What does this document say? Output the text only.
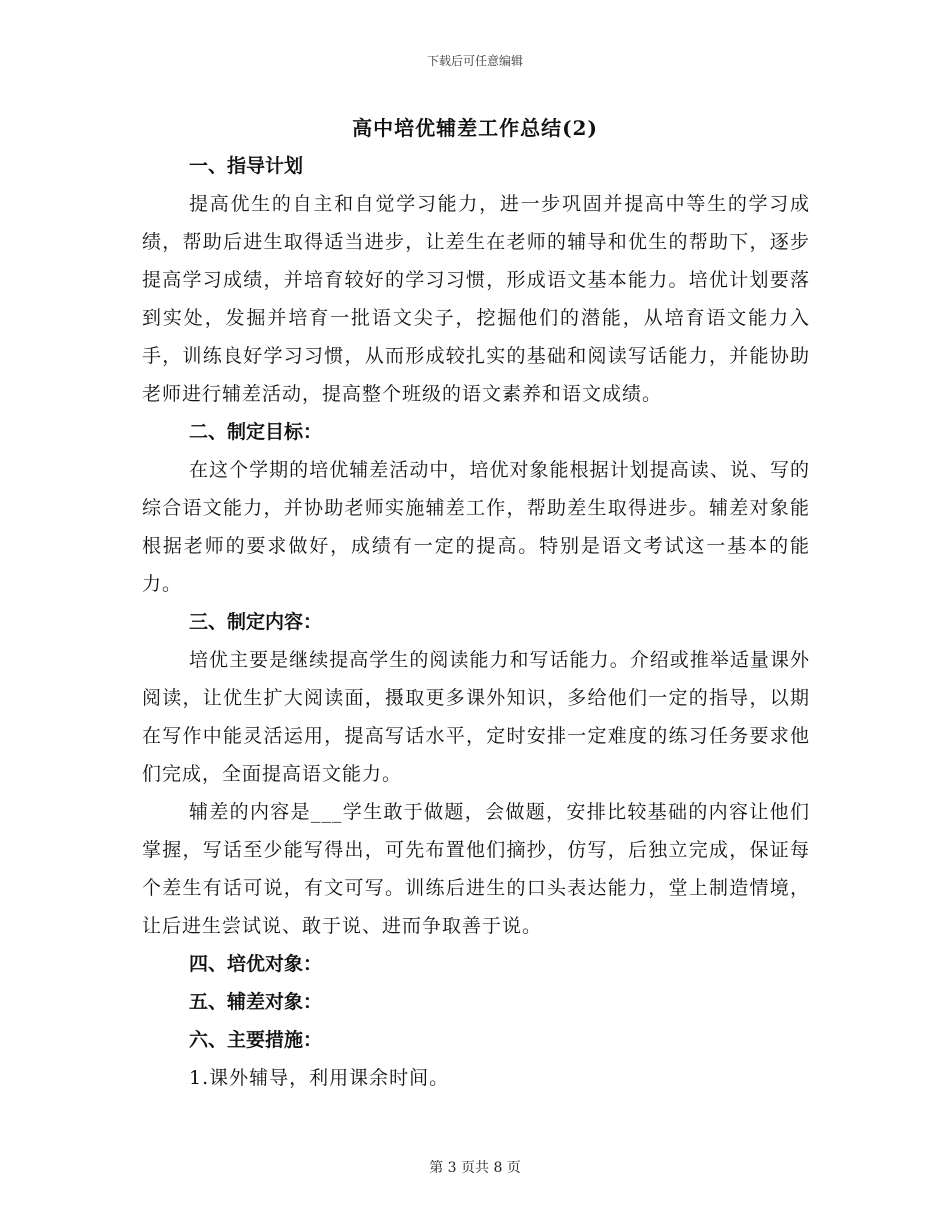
下载后可任意编辑
高中培优辅差工作总结(2)
一、指导计划

提高优生的自主和自觉学习能力，进一步巩固并提高中等生的学习成绩，帮助后进生取得适当进步，让差生在老师的辅导和优生的帮助下，逐步提高学习成绩，并培育较好的学习习惯，形成语文基本能力。培优计划要落到实处，发掘并培育一批语文尖子，挖掘他们的潜能，从培育语文能力入手，训练良好学习习惯，从而形成较扎实的基础和阅读写话能力，并能协助老师进行辅差活动，提高整个班级的语文素养和语文成绩。

二、制定目标：

在这个学期的培优辅差活动中，培优对象能根据计划提高读、说、写的综合语文能力，并协助老师实施辅差工作，帮助差生取得进步。辅差对象能根据老师的要求做好，成绩有一定的提高。特别是语文考试这一基本的能力。

三、制定内容：

培优主要是继续提高学生的阅读能力和写话能力。介绍或推举适量课外阅读，让优生扩大阅读面，摄取更多课外知识，多给他们一定的指导，以期在写作中能灵活运用，提高写话水平，定时安排一定难度的练习任务要求他们完成，全面提高语文能力。

辅差的内容是___学生敢于做题，会做题，安排比较基础的内容让他们掌握，写话至少能写得出，可先布置他们摘抄，仿写，后独立完成，保证每个差生有话可说，有文可写。训练后进生的口头表达能力，堂上制造情境，让后进生尝试说、敢于说、进而争取善于说。

四、培优对象：
五、辅差对象：
六、主要措施：

1.课外辅导，利用课余时间。

第 3 页共 8 页
